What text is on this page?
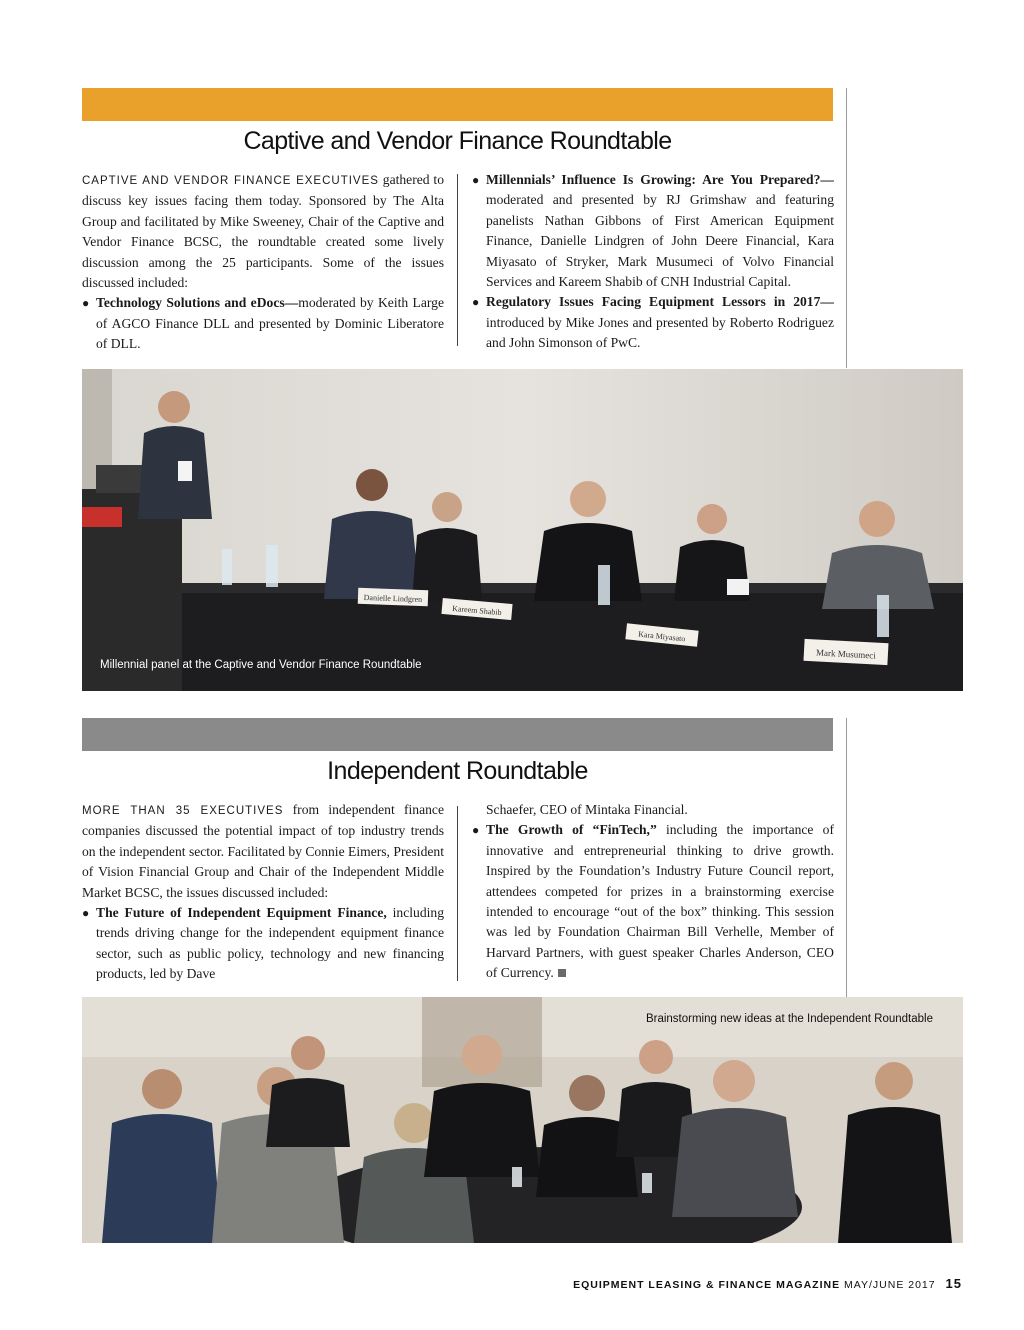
Captive and Vendor Finance Roundtable

CAPTIVE AND VENDOR FINANCE EXECUTIVES gathered to discuss key issues facing them today. Sponsored by The Alta Group and facilitated by Mike Sweeney, Chair of the Captive and Vendor Finance BCSC, the roundtable created some lively discussion among the 25 participants. Some of the issues discussed included:

● Technology Solutions and eDocs—moderated by Keith Large of AGCO Finance DLL and presented by Dominic Liberatore of DLL.

● Millennials’ Influence Is Growing: Are You Prepared?— moderated and presented by RJ Grimshaw and featuring panelists Nathan Gibbons of First American Equipment Finance, Danielle Lindgren of John Deere Financial, Kara Miyasato of Stryker, Mark Musumeci of Volvo Financial Services and Kareem Shabib of CNH Industrial Capital.

● Regulatory Issues Facing Equipment Lessors in 2017— introduced by Mike Jones and presented by Roberto Rodriguez and John Simonson of PwC.

Danielle Lindgren
Kareem Shabib
Kara Miyasato
Mark Musumeci
Millennial panel at the Captive and Vendor Finance Roundtable
Independent Roundtable

MORE THAN 35 EXECUTIVES from independent finance companies discussed the potential impact of top industry trends on the independent sector. Facilitated by Connie Eimers, President of Vision Financial Group and Chair of the Independent Middle Market BCSC, the issues discussed included:

● The Future of Independent Equipment Finance, including trends driving change for the independent equipment finance sector, such as public policy, technology and new financing products, led by Dave

Schaefer, CEO of Mintaka Financial.

● The Growth of “FinTech,” including the importance of innovative and entrepreneurial thinking to drive growth. Inspired by the Foundation’s Industry Future Council report, attendees competed for prizes in a brainstorming exercise intended to encourage “out of the box” thinking. This session was led by Foundation Chairman Bill Verhelle, Member of Harvard Partners, with guest speaker Charles Anderson, CEO of Currency.

Brainstorming new ideas at the Independent Roundtable
EQUIPMENT LEASING & FINANCE MAGAZINE MAY/JUNE 2017 15
